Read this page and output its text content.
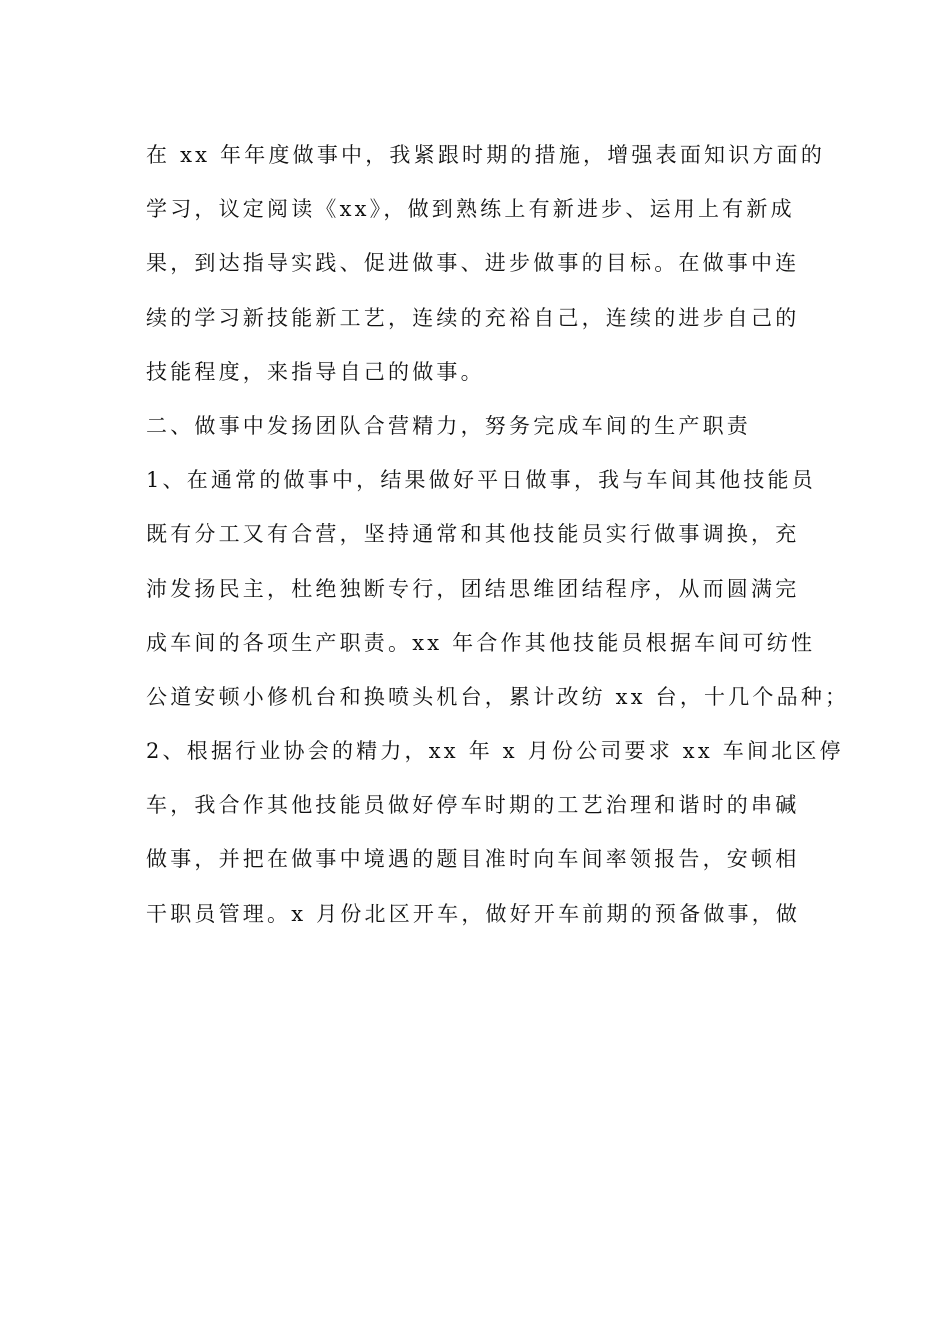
在 xx 年年度做事中，我紧跟时期的措施，增强表面知识方面的
学习，议定阅读《xx》，做到熟练上有新进步、运用上有新成
果，到达指导实践、促进做事、进步做事的目标。在做事中连
续的学习新技能新工艺，连续的充裕自己，连续的进步自己的
技能程度，来指导自己的做事。
二、做事中发扬团队合营精力，努务完成车间的生产职责
1、在通常的做事中，结果做好平日做事，我与车间其他技能员
既有分工又有合营，坚持通常和其他技能员实行做事调换，充
沛发扬民主，杜绝独断专行，团结思维团结程序，从而圆满完
成车间的各项生产职责。xx 年合作其他技能员根据车间可纺性
公道安顿小修机台和换喷头机台，累计改纺 xx 台，十几个品种；
2、根据行业协会的精力，xx 年 x 月份公司要求 xx 车间北区停
车，我合作其他技能员做好停车时期的工艺治理和谐时的串碱
做事，并把在做事中境遇的题目准时向车间率领报告，安顿相
干职员管理。x 月份北区开车，做好开车前期的预备做事，做
